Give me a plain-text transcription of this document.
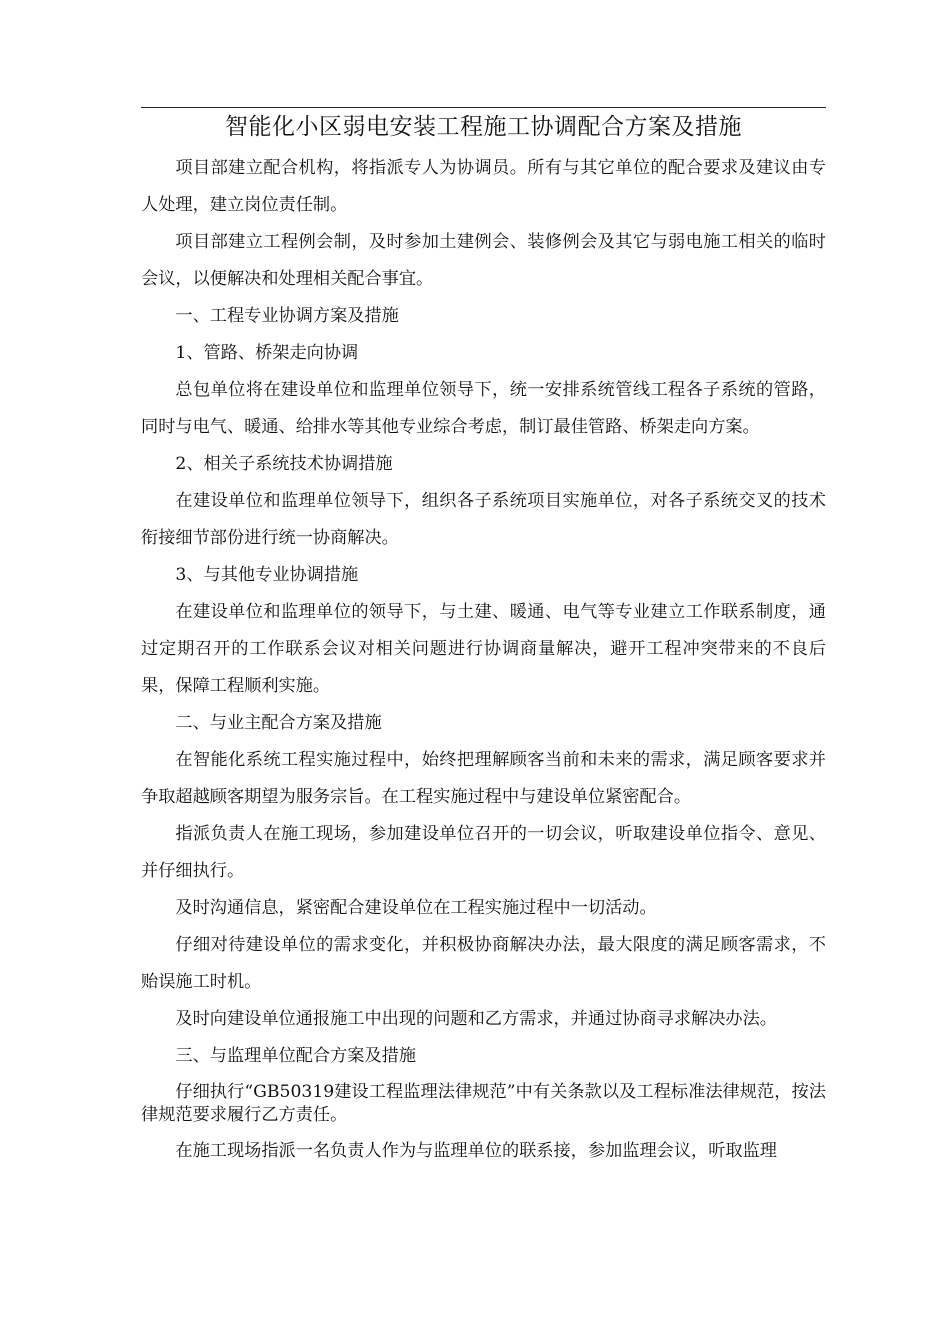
智能化小区弱电安装工程施工协调配合方案及措施

项目部建立配合机构，将指派专人为协调员。所有与其它单位的配合要求及建议由专人处理，建立岗位责任制。

项目部建立工程例会制，及时参加土建例会、装修例会及其它与弱电施工相关的临时会议，以便解决和处理相关配合事宜。

一、工程专业协调方案及措施

1、管路、桥架走向协调

总包单位将在建设单位和监理单位领导下，统一安排系统管线工程各子系统的管路，同时与电气、暖通、给排水等其他专业综合考虑，制订最佳管路、桥架走向方案。

2、相关子系统技术协调措施

在建设单位和监理单位领导下，组织各子系统项目实施单位，对各子系统交叉的技术衔接细节部份进行统一协商解决。

3、与其他专业协调措施

在建设单位和监理单位的领导下，与土建、暖通、电气等专业建立工作联系制度，通过定期召开的工作联系会议对相关问题进行协调商量解决，避开工程冲突带来的不良后果，保障工程顺利实施。

二、与业主配合方案及措施

在智能化系统工程实施过程中，始终把理解顾客当前和未来的需求，满足顾客要求并争取超越顾客期望为服务宗旨。在工程实施过程中与建设单位紧密配合。

指派负责人在施工现场，参加建设单位召开的一切会议，听取建设单位指令、意见、并仔细执行。

及时沟通信息，紧密配合建设单位在工程实施过程中一切活动。

仔细对待建设单位的需求变化，并积极协商解决办法，最大限度的满足顾客需求，不贻误施工时机。

及时向建设单位通报施工中出现的问题和乙方需求，并通过协商寻求解决办法。

三、与监理单位配合方案及措施

仔细执行“GB50319建设工程监理法律规范”中有关条款以及工程标准法律规范，按法律规范要求履行乙方责任。

在施工现场指派一名负责人作为与监理单位的联系接，参加监理会议，听取监理
